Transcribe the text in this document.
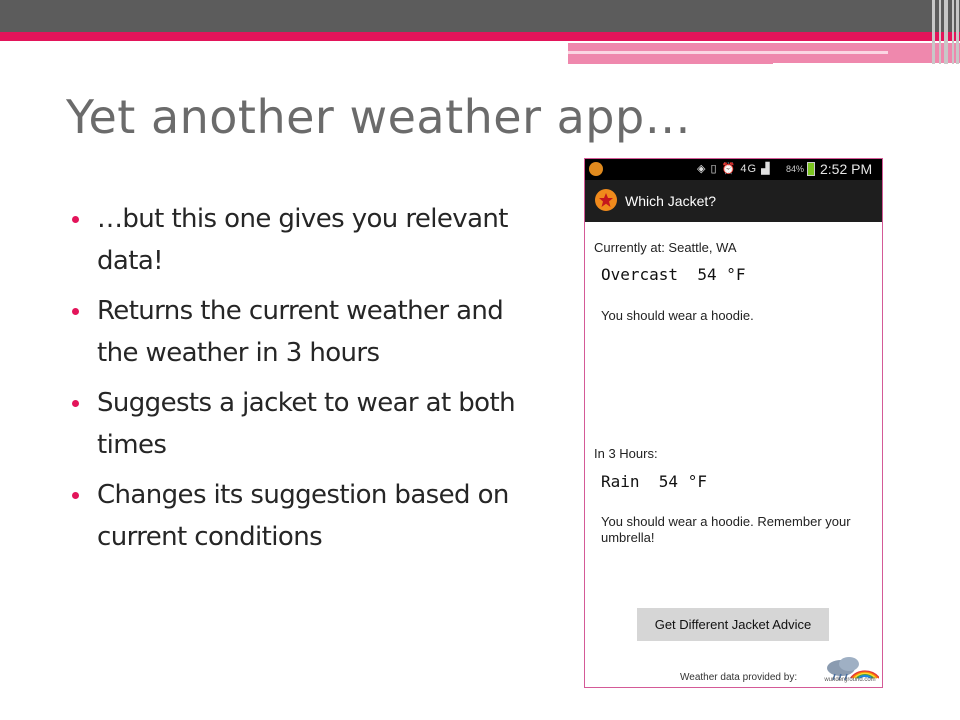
Yet another weather app…
…but this one gives you relevant data!
Returns the current weather and the weather in 3 hours
Suggests a jacket to wear at both times
Changes its suggestion based on current conditions
◈ ▯ ⏰ 4G ▟ 84% 2:52 PM
Which Jacket?
Currently at: Seattle, WA
Overcast  54 °F
You should wear a hoodie.
In 3 Hours:
Rain  54 °F
You should wear a hoodie. Remember your umbrella!
Get Different Jacket Advice
Weather data provided by:	wunderground.com
